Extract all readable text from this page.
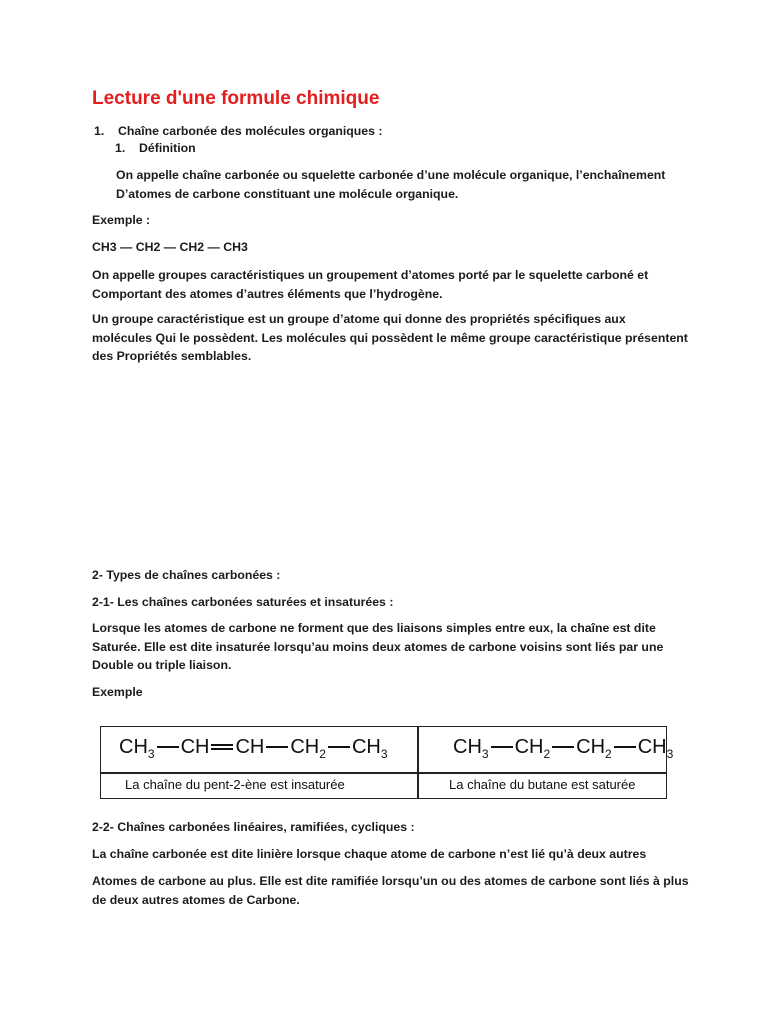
Lecture d'une formule chimique
1. Chaîne carbonée des molécules organiques :
1. Définition
On appelle chaîne carbonée ou squelette carbonée d’une molécule organique, l’enchaînement
D’atomes de carbone constituant une molécule organique.
Exemple :
CH3 — CH2 — CH2 — CH3
On appelle groupes caractéristiques un groupement d’atomes porté par le squelette carboné et
Comportant des atomes d’autres éléments que l’hydrogène.
Un groupe caractéristique est un groupe d’atome qui donne des propriétés spécifiques aux
molécules Qui le possèdent. Les molécules qui possèdent le même groupe caractéristique présentent
des Propriétés semblables.
2- Types de chaînes carbonées :
2-1- Les chaînes carbonées saturées et insaturées :
Lorsque les atomes de carbone ne forment que des liaisons simples entre eux, la chaîne est dite
Saturée. Elle est dite insaturée lorsqu’au moins deux atomes de carbone voisins sont liés par une
Double ou triple liaison.
Exemple
$CH_3$ CH CH $CH_2$ $CH_3$	$CH_3$ $CH_2$ $CH_2$ $CH_3$
La chaîne du pent-2-ène est insaturée	La chaîne du butane est saturée
2-2- Chaînes carbonées linéaires, ramifiées, cycliques :
La chaîne carbonée est dite linière lorsque chaque atome de carbone n’est lié qu’à deux autres
Atomes de carbone au plus. Elle est dite ramifiée lorsqu’un ou des atomes de carbone sont liés à plus
de deux autres atomes de Carbone.
